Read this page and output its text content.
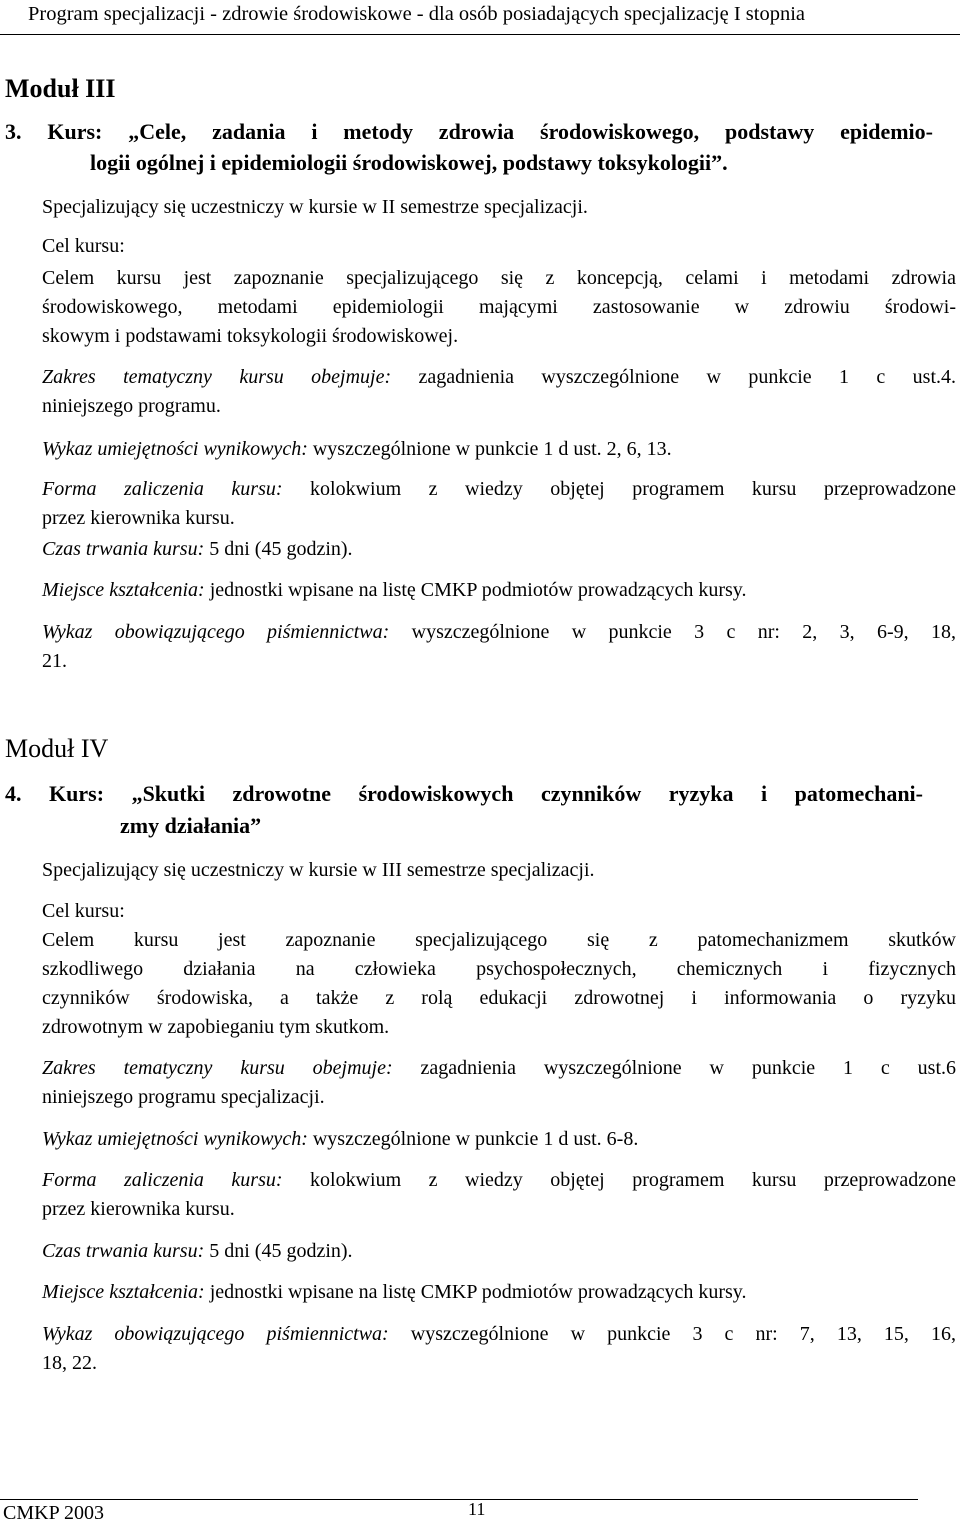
Program specjalizacji - zdrowie środowiskowe - dla osób posiadających specjalizację I stopnia
Moduł III
3. Kurs: „Cele, zadania i metody zdrowia środowiskowego, podstawy epidemio-
logii ogólnej i epidemiologii środowiskowej, podstawy toksykologii”.
Specjalizujący się uczestniczy w kursie w II semestrze specjalizacji.
Cel kursu:
Celem kursu jest zapoznanie specjalizującego się z koncepcją, celami i metodami zdrowia
środowiskowego, metodami epidemiologii mającymi zastosowanie w zdrowiu środowi-
skowym i podstawami toksykologii środowiskowej.
Zakres tematyczny kursu obejmuje: zagadnienia wyszczególnione w punkcie 1 c ust.4.
niniejszego programu.
Wykaz umiejętności wynikowych: wyszczególnione w punkcie 1 d ust. 2, 6, 13.
Forma zaliczenia kursu: kolokwium z wiedzy objętej programem kursu przeprowadzone
przez kierownika kursu.
Czas trwania kursu: 5 dni (45 godzin).
Miejsce kształcenia: jednostki wpisane na listę CMKP podmiotów prowadzących kursy.
Wykaz obowiązującego piśmiennictwa: wyszczególnione w punkcie 3 c nr: 2, 3, 6-9, 18,
21.
Moduł IV
4. Kurs: „Skutki zdrowotne środowiskowych czynników ryzyka i patomechani-
zmy działania”
Specjalizujący się uczestniczy w kursie w III semestrze specjalizacji.
Cel kursu:
Celem kursu jest zapoznanie specjalizującego się z patomechanizmem skutków
szkodliwego działania na człowieka psychospołecznych, chemicznych i fizycznych
czynników środowiska, a także z rolą edukacji zdrowotnej i informowania o ryzyku
zdrowotnym w zapobieganiu tym skutkom.
Zakres tematyczny kursu obejmuje: zagadnienia wyszczególnione w punkcie 1 c ust.6
niniejszego programu specjalizacji.
Wykaz umiejętności wynikowych: wyszczególnione w punkcie 1 d ust. 6-8.
Forma zaliczenia kursu: kolokwium z wiedzy objętej programem kursu przeprowadzone
przez kierownika kursu.
Czas trwania kursu: 5 dni (45 godzin).
Miejsce kształcenia: jednostki wpisane na listę CMKP podmiotów prowadzących kursy.
Wykaz obowiązującego piśmiennictwa: wyszczególnione w punkcie 3 c nr: 7, 13, 15, 16,
18, 22.
CMKP 2003	11
